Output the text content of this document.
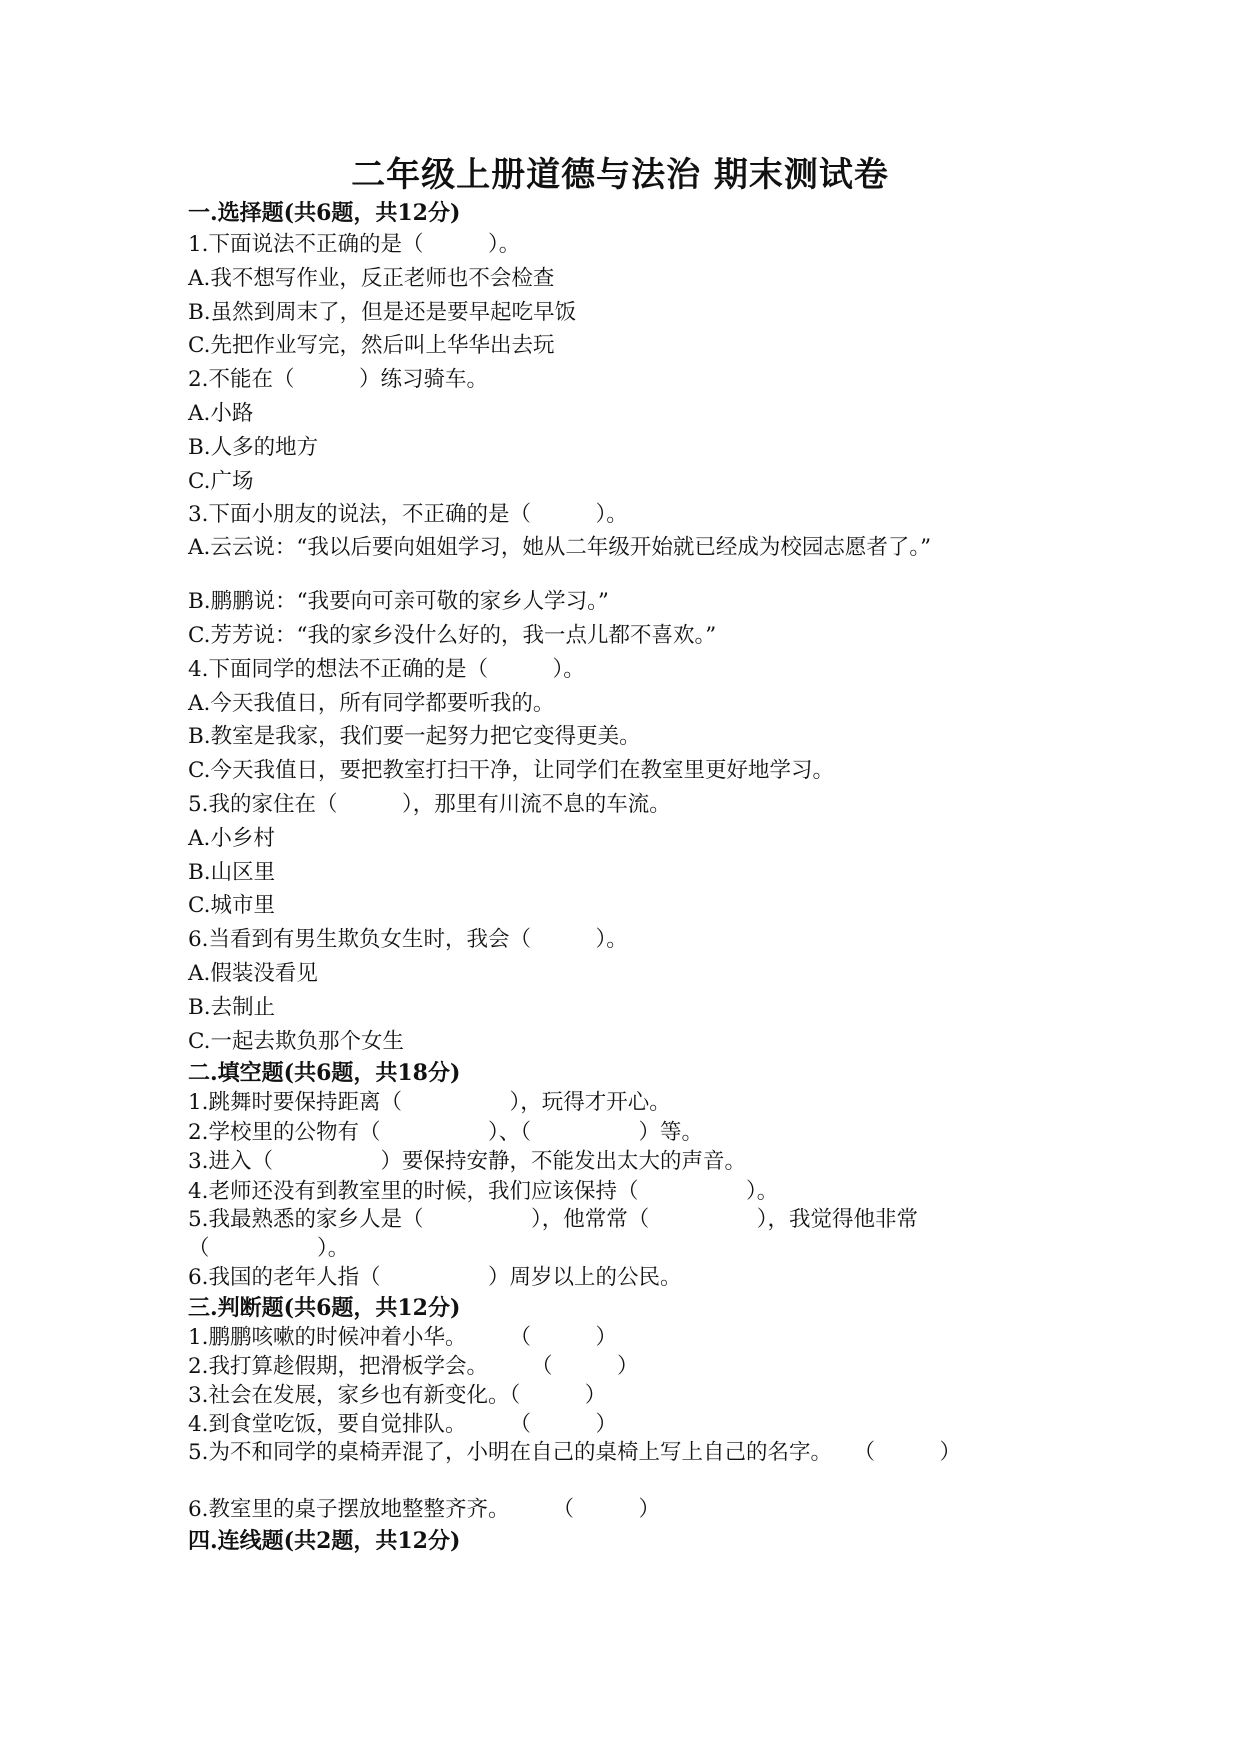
二年级上册道德与法治 期末测试卷
一.选择题(共6题，共12分)
1.下面说法不正确的是（　　　）。
A.我不想写作业，反正老师也不会检查
B.虽然到周末了，但是还是要早起吃早饭
C.先把作业写完，然后叫上华华出去玩
2.不能在（　　　）练习骑车。
A.小路
B.人多的地方
C.广场
3.下面小朋友的说法，不正确的是（　　　）。
A.云云说：“我以后要向姐姐学习，她从二年级开始就已经成为校园志愿者了。”
B.鹏鹏说：“我要向可亲可敬的家乡人学习。”
C.芳芳说：“我的家乡没什么好的，我一点儿都不喜欢。”
4.下面同学的想法不正确的是（　　　）。
A.今天我值日，所有同学都要听我的。
B.教室是我家，我们要一起努力把它变得更美。
C.今天我值日，要把教室打扫干净，让同学们在教室里更好地学习。
5.我的家住在（　　　），那里有川流不息的车流。
A.小乡村
B.山区里
C.城市里
6.当看到有男生欺负女生时，我会（　　　）。
A.假装没看见
B.去制止
C.一起去欺负那个女生
二.填空题(共6题，共18分)
1.跳舞时要保持距离（　　　　　），玩得才开心。
2.学校里的公物有（　　　　　）、（　　　　　）等。
3.进入（　　　　　）要保持安静，不能发出太大的声音。
4.老师还没有到教室里的时候，我们应该保持（　　　　　）。
5.我最熟悉的家乡人是（　　　　　），他常常（　　　　　），我觉得他非常（　　　　　）。
6.我国的老年人指（　　　　　）周岁以上的公民。
三.判断题(共6题，共12分)
1.鹏鹏咳嗽的时候冲着小华。　　　（　　　）
2.我打算趁假期，把滑板学会。　　　（　　　）
3.社会在发展，家乡也有新变化。（　　　）
4.到食堂吃饭，要自觉排队。　　　（　　　）
5.为不和同学的桌椅弄混了，小明在自己的桌椅上写上自己的名字。　　（　　　）
6.教室里的桌子摆放地整整齐齐。　　　（　　　）
四.连线题(共2题，共12分)
